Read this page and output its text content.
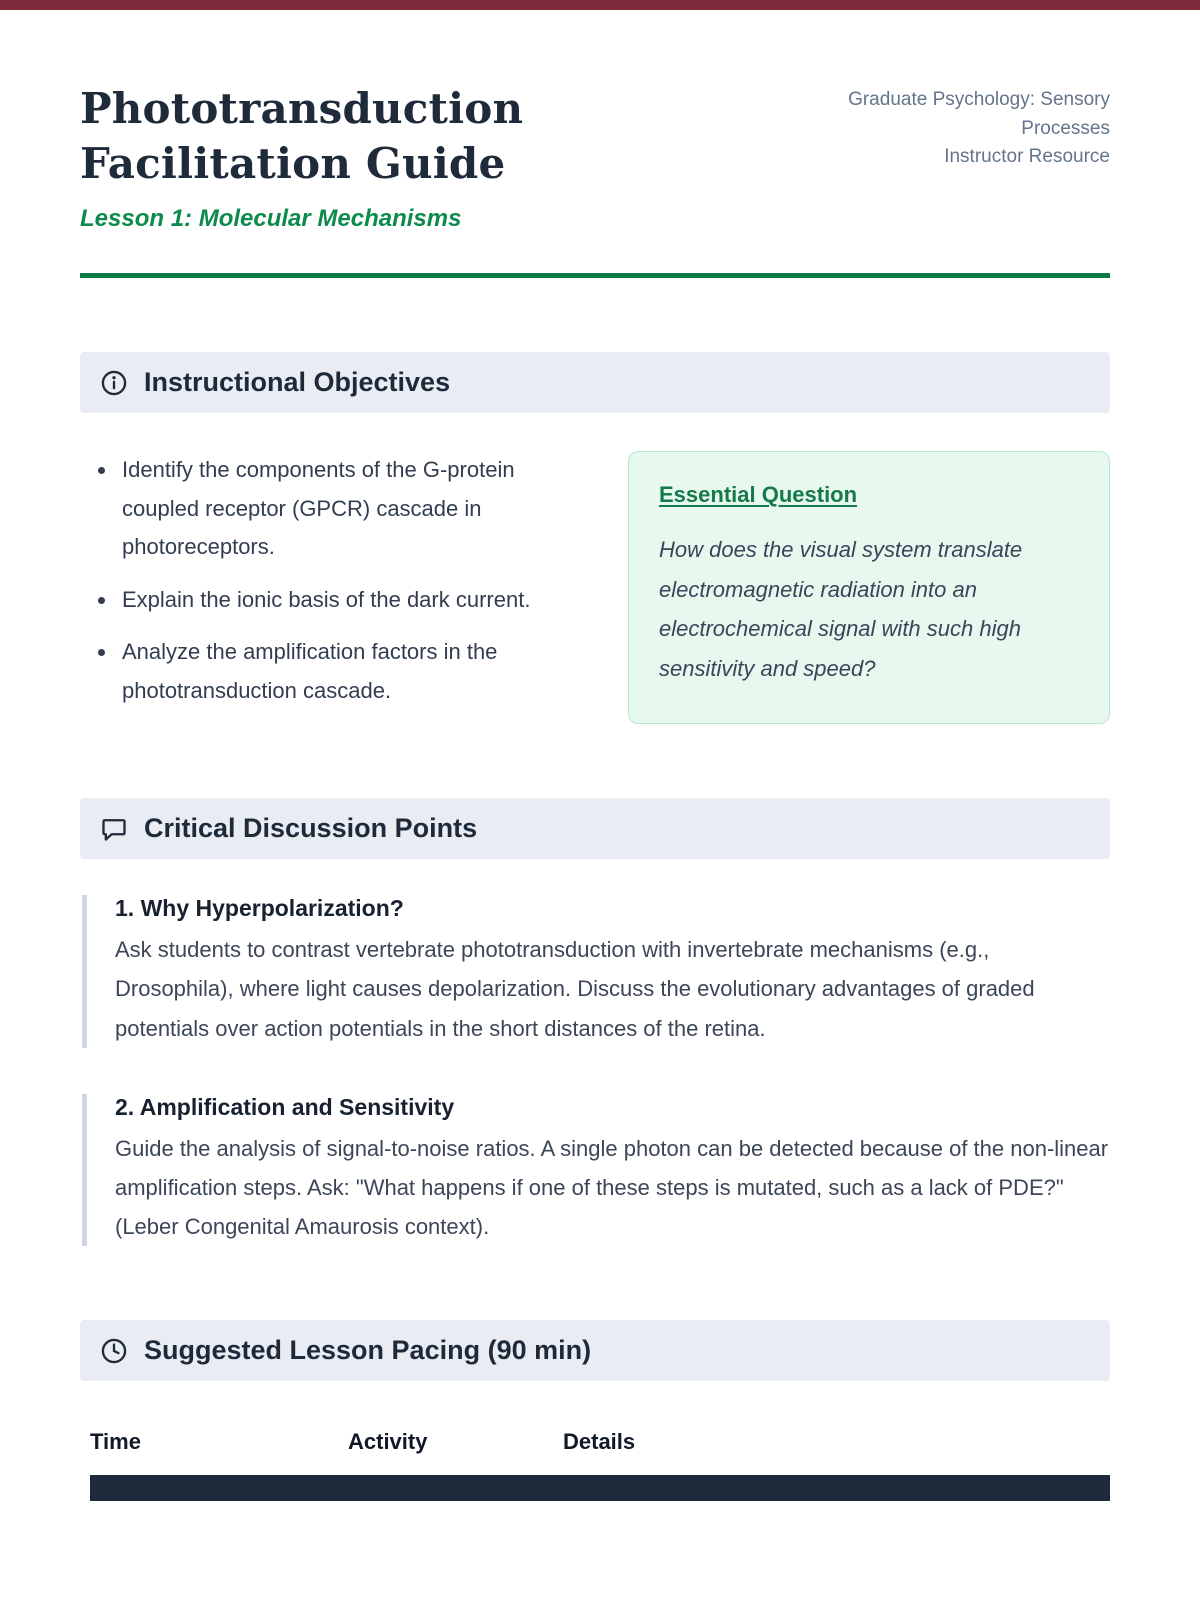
Phototransduction Facilitation Guide
Lesson 1: Molecular Mechanisms
Graduate Psychology: Sensory Processes
Instructor Resource
Instructional Objectives
• Identify the components of the G-protein coupled receptor (GPCR) cascade in photoreceptors.
• Explain the ionic basis of the dark current.
• Analyze the amplification factors in the phototransduction cascade.
Essential Question

How does the visual system translate electromagnetic radiation into an electrochemical signal with such high sensitivity and speed?

Critical Discussion Points
1. Why Hyperpolarization?

Ask students to contrast vertebrate phototransduction with invertebrate mechanisms (e.g., Drosophila), where light causes depolarization. Discuss the evolutionary advantages of graded potentials over action potentials in the short distances of the retina.

2. Amplification and Sensitivity

Guide the analysis of signal-to-noise ratios. A single photon can be detected because of the non-linear amplification steps. Ask: "What happens if one of these steps is mutated, such as a lack of PDE?" (Leber Congenital Amaurosis context).

Suggested Lesson Pacing (90 min)
Time	Activity	Details
